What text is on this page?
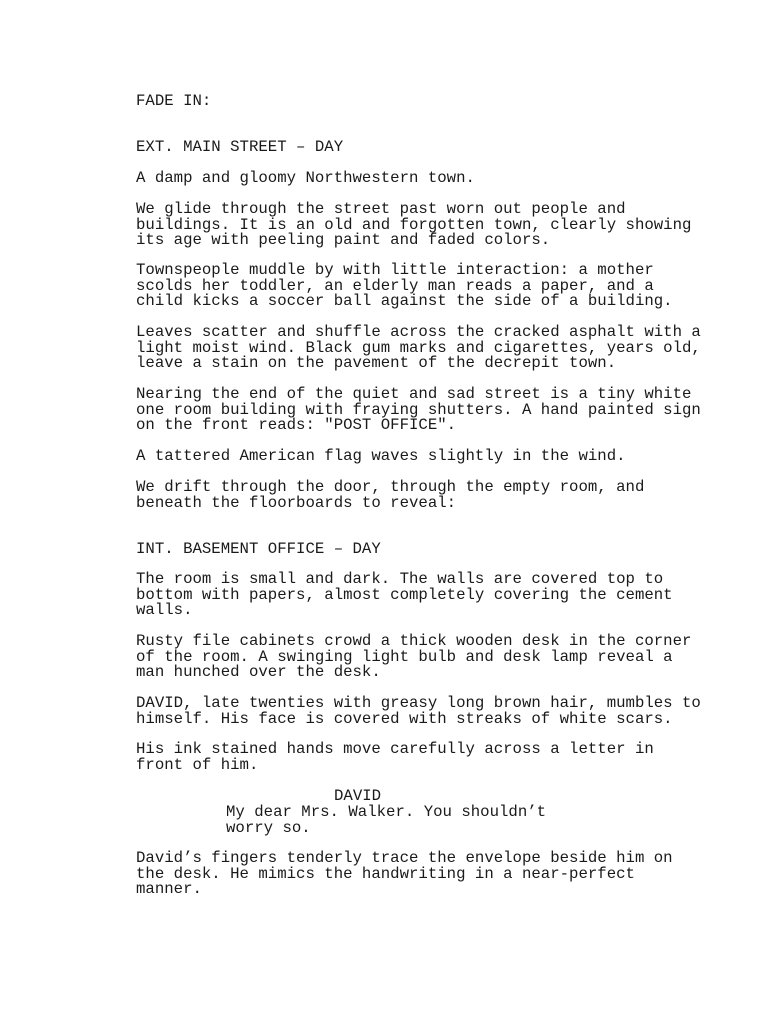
FADE IN:

EXT. MAIN STREET – DAY

A damp and gloomy Northwestern town.

We glide through the street past worn out people and
buildings. It is an old and forgotten town, clearly showing
its age with peeling paint and faded colors.

Townspeople muddle by with little interaction: a mother
scolds her toddler, an elderly man reads a paper, and a
child kicks a soccer ball against the side of a building.

Leaves scatter and shuffle across the cracked asphalt with a
light moist wind. Black gum marks and cigarettes, years old,
leave a stain on the pavement of the decrepit town.

Nearing the end of the quiet and sad street is a tiny white
one room building with fraying shutters. A hand painted sign
on the front reads: "POST OFFICE".

A tattered American flag waves slightly in the wind.

We drift through the door, through the empty room, and
beneath the floorboards to reveal:

INT. BASEMENT OFFICE – DAY

The room is small and dark. The walls are covered top to
bottom with papers, almost completely covering the cement
walls.

Rusty file cabinets crowd a thick wooden desk in the corner
of the room. A swinging light bulb and desk lamp reveal a
man hunched over the desk.

DAVID, late twenties with greasy long brown hair, mumbles to
himself. His face is covered with streaks of white scars.

His ink stained hands move carefully across a letter in
front of him.

DAVID

My dear Mrs. Walker. You shouldn’t
worry so.

David’s fingers tenderly trace the envelope beside him on
the desk. He mimics the handwriting in a near-perfect
manner.
